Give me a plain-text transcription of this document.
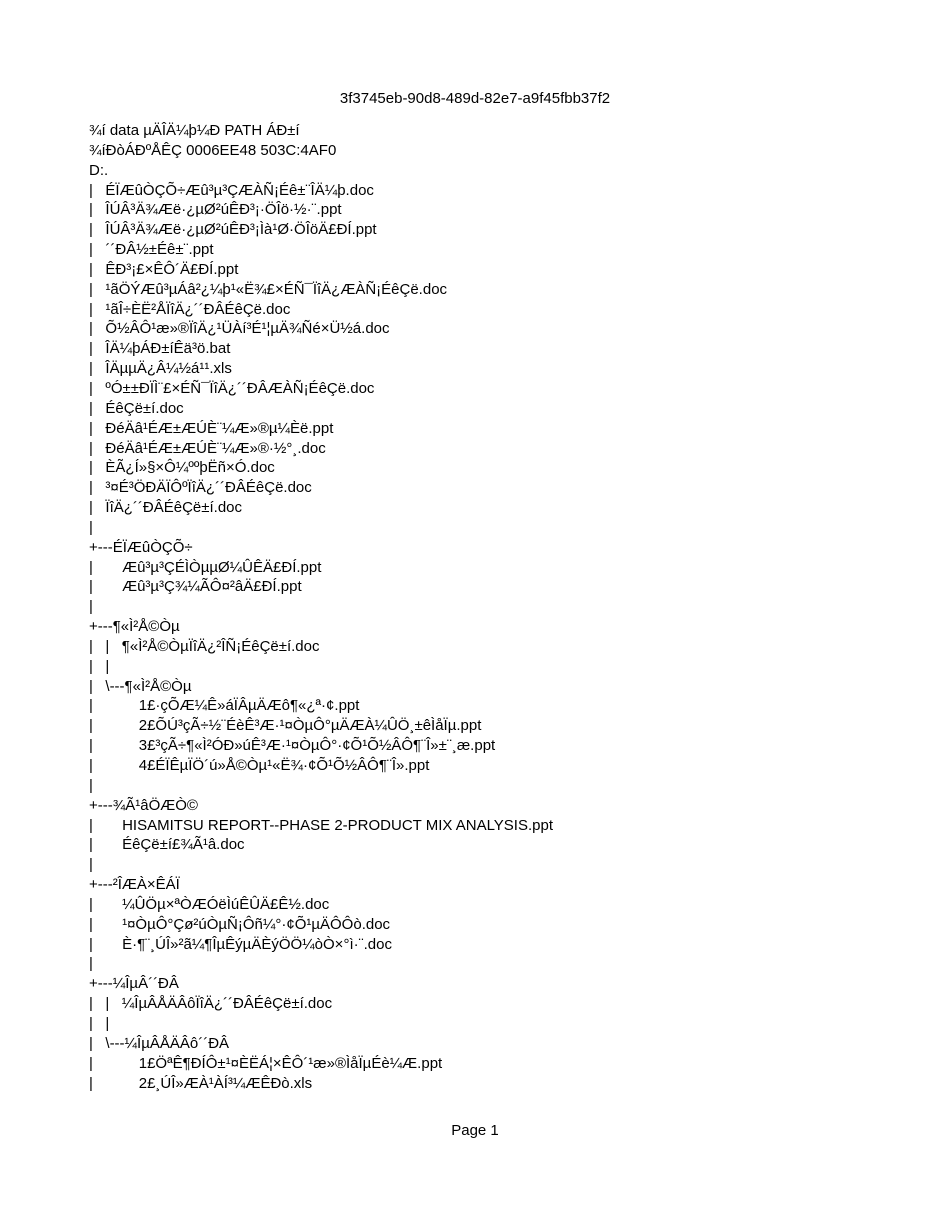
3f3745eb-90d8-489d-82e7-a9f45fbb37f2
¾í data µÄÎÄ¼þ¼Ð PATH ÁÐ±í
¾íÐòÁÐºÅÊÇ 0006EE48 503C:4AF0
D:.
|   ÉÏÆûÒÇÕ÷Æû³µ³ÇÆÀÑ¡Éê±¨ÎÄ¼þ.doc
|   ÎÚÂ³Ä¾Æë·¿µØ²úÊÐ³¡·ÖÎö·½·¨.ppt
|   ÎÚÂ³Ä¾Æë·¿µØ²úÊÐ³¡Ìà¹Ø·ÖÎöÄ£ÐÍ.ppt
|   ´´ÐÂ½±Éê±¨.ppt
|   ÊÐ³¡£×ÊÔ´Ä£ÐÍ.ppt
|   ¹ãÖÝÆû³µÁâ²¿¼þ¹«Ë¾£×ÉÑ¯ÏîÄ¿ÆÀÑ¡ÉêÇë.doc
|   ¹ãÎ÷ÈË²ÅÏîÄ¿´´ÐÂÉêÇë.doc
|   Õ½ÂÔ¹æ»®ÏîÄ¿¹ÜÀí³É¹¦µÄ¾Ñé×Ü½á.doc
|   ÎÄ¼þÁÐ±íÊä³ö.bat
|   ÎÄµµÄ¿Â¼½á¹¹.xls
|   ºÓ±±ÐÏÌ¨£×ÉÑ¯ÏîÄ¿´´ÐÂÆÀÑ¡ÉêÇë.doc
|   ÉêÇë±í.doc
|   ÐéÄâ¹ÉÆ±ÆÚÈ¨¼Æ»®µ¼Èë.ppt
|   ÐéÄâ¹ÉÆ±ÆÚÈ¨¼Æ»®·½°¸.doc
|   ÈÃ¿Í»§×Ô¼ººþËñ×Ó.doc
|   ³¤É³ÖÐÄÏÔºÏîÄ¿´´ÐÂÉêÇë.doc
|   ÏîÄ¿´´ÐÂÉêÇë±í.doc
|
+---ÉÏÆûÒÇÕ÷
|       Æû³µ³ÇÉÌÒµµØ¼ÛÊÄ£ÐÍ.ppt
|       Æû³µ³Ç¾¼ÃÔ¤²âÄ£ÐÍ.ppt
|
+---¶«Ì²Å©Òµ
|   |   ¶«Ì²Å©ÒµÏîÄ¿²ÎÑ¡ÉêÇë±í.doc
|   |
|   \---¶«Ì²Å©Òµ
|           1£·çÕÆ¼Ê»áÏÂµÄÆô¶«¿ª·¢.ppt
|           2£ÕÚ³çÃ÷½¨ÉèÊ³Æ·¹¤ÒµÔ°µÄÆÀ¼ÛÖ¸±êÌåÏµ.ppt
|           3£³çÃ÷¶«Ì²ÓÐ»úÊ³Æ·¹¤ÒµÔ°·¢Õ¹Õ½ÂÔ¶¨Î»±¨¸æ.ppt
|           4£ÉÏÊµÏÖ´ú»Å©Òµ¹«Ë¾·¢Õ¹Õ½ÂÔ¶¨Î».ppt
|
+---¾Ã¹âÖÆÒ©
|       HISAMITSU REPORT--PHASE 2-PRODUCT MIX ANALYSIS.ppt
|       ÉêÇë±í£¾Ã¹â.doc
|
+---²ÎÆÀ×ÊÁÏ
|       ¼ÛÖµ×ªÒÆÓëÌúÊÛÄ£Ê½.doc
|       ¹¤ÒµÔ°Çø²úÒµÑ¡Ôñ¼°·¢Õ¹µÄÔÔò.doc
|       È·¶¨¸ÚÎ»²ã¼¶ÎµÊýµÄÈýÖÖ¼òÒ×°ì·¨.doc
|
+---¼ÎµÂ´´ÐÂ
|   |   ¼ÎµÂÅÄÂôÏîÄ¿´´ÐÂÉêÇë±í.doc
|   |
|   \---¼ÎµÂÅÄÂô´´ÐÂ
|           1£ÖªÊ¶ÐÍÔ±¹¤ÈËÁ¦×ÊÔ´¹æ»®ÌåÏµÉè¼Æ.ppt
|           2£¸ÚÎ»ÆÀ¹ÀÍ³¼ÆÊÐò.xls
Page 1
